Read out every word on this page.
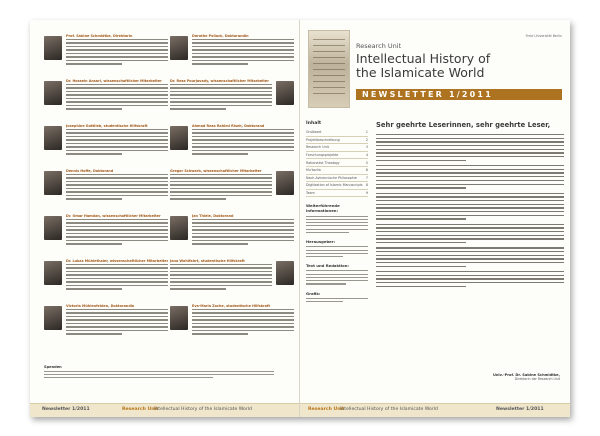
Prof. Sabine Schmidtke, Direktorin
Dr. Hossein Ansari, wissenschaftlicher Mitarbeiter
Josephine Gottlieb, studentische Hilfskraft
Dennis Hoffe, Doktorand
Dr. Omar Hamdan, wissenschaftlicher Mitarbeiter
Dr. Lukas Mühlethaler, wissenschaftlicher Mitarbeiter
Victoria Mühlenfelden, Doktorandin
Dorothe Pollack, Doktorandin
Dr. Reza Pourjavady, wissenschaftlicher Mitarbeiter
Ahmad Reza Rahimi Riseh, Doktorand
Gregor Schwarb, wissenschaftlicher Mitarbeiter
Jan Thiele, Doktorand
Jana Wohlfahrt, studentische Hilfskraft
Eva-Maria Zoche, studentische Hilfskraft
Spenden
Research Unit
Intellectual History of the Islamicate World
Newsletter 1/2011
Freie Universität Berlin
Research Unit
Intellectual History of
the Islamicate World
NEWSLETTER 1/2011
Inhalt
Grußwort	1
Projektbeschreibung	2
Research Unit	3
Forschungsprojekte	4
Rationalist Theology	5
Mu'tazila	6
Nach-Avicennische Philosophie	7
Digitization of Islamic Manuscripts 8
Team	9
Weiterführende Informationen:
Herausgeber:
Text und Redaktion:
Grafik:
Sehr geehrte Leserinnen, sehr geehrte Leser,
Univ.-Prof. Dr. Sabine Schmidtke,
Direktorin der Research Unit
Research Unit
Intellectual History of the Islamicate World	Newsletter 1/2011
